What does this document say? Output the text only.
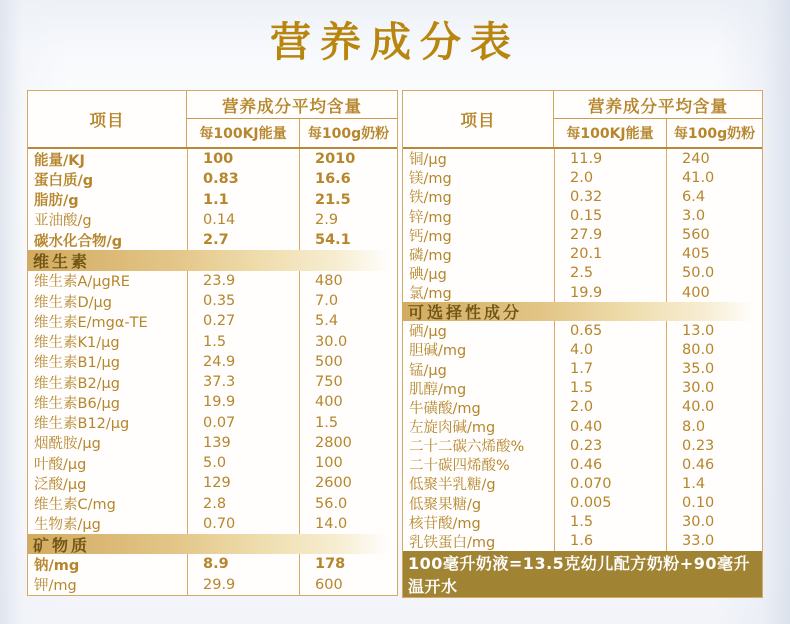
营养成分表
项目
营养成分平均含量
每100KJ能量	每100g奶粉
能量/KJ	100	2010
蛋白质/g	0.83	16.6
脂肪/g	1.1	21.5
亚油酸/g	0.14	2.9
碳水化合物/g	2.7	54.1
维生素
维生素A/μgRE	23.9	480
维生素D/μg	0.35	7.0
维生素E/mgα-TE	0.27	5.4
维生素K1/μg	1.5	30.0
维生素B1/μg	24.9	500
维生素B2/μg	37.3	750
维生素B6/μg	19.9	400
维生素B12/μg	0.07	1.5
烟酰胺/μg	139	2800
叶酸/μg	5.0	100
泛酸/μg	129	2600
维生素C/mg	2.8	56.0
生物素/μg	0.70	14.0
矿物质
钠/mg	8.9	178
钾/mg	29.9	600
项目
营养成分平均含量
每100KJ能量	每100g奶粉
铜/μg	11.9	240
镁/mg	2.0	41.0
铁/mg	0.32	6.4
锌/mg	0.15	3.0
钙/mg	27.9	560
磷/mg	20.1	405
碘/μg	2.5	50.0
氯/mg	19.9	400
可选择性成分
硒/μg	0.65	13.0
胆碱/mg	4.0	80.0
锰/μg	1.7	35.0
肌醇/mg	1.5	30.0
牛磺酸/mg	2.0	40.0
左旋肉碱/mg	0.40	8.0
二十二碳六烯酸%	0.23	0.23
二十碳四烯酸%	0.46	0.46
低聚半乳糖/g	0.070	1.4
低聚果糖/g	0.005	0.10
核苷酸/mg	1.5	30.0
乳铁蛋白/mg	1.6	33.0
100毫升奶液=13.5克幼儿配方奶粉+90毫升温开水
